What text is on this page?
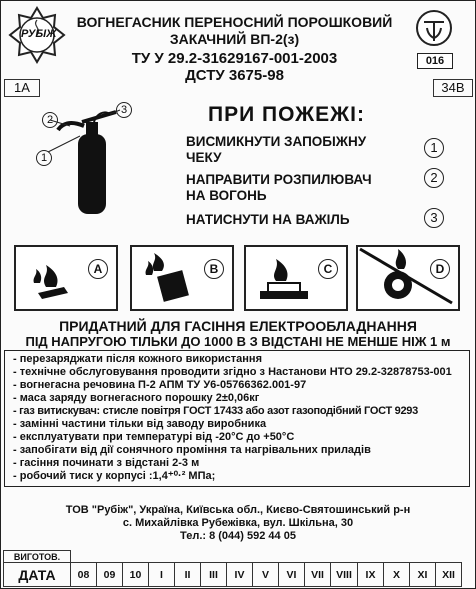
РУБІЖ
ВОГНЕГАСНИК ПЕРЕНОСНИЙ ПОРОШКОВИЙ
ЗАКАЧНИЙ ВП-2(з)
ТУ У 29.2-31629167-001-2003
ДСТУ 3675-98
016
1A	34B
2
3
1
ПРИ ПОЖЕЖІ:
ВИСМИКНУТИ ЗАПОБІЖНУ
ЧЕКУ
1
НАПРАВИТИ РОЗПИЛЮВАЧ
НА ВОГОНЬ
2
НАТИСНУТИ НА ВАЖІЛЬ	3
A	B	C	D
ПРИДАТНИЙ ДЛЯ ГАСІННЯ ЕЛЕКТРООБЛАДНАННЯ
ПІД НАПРУГОЮ ТІЛЬКИ ДО 1000 В З ВІДСТАНІ НЕ МЕНШЕ НІЖ 1 м
- перезаряджати після кожного використання
- технічне обслуговування проводити згідно з Настанови НТО 29.2-32878753-001
- вогнегасна речовина П-2 АПМ ТУ У6-05766362.001-97
- маса заряду вогнегасного порошку 2±0,06кг
- газ витискувач: стисле повітря ГОСТ 17433 або азот газоподібний ГОСТ 9293
- замінні частини тільки від заводу виробника
- експлуатувати при температурі від -20°С до +50°С
- запобігати від дії сонячного проміння та нагрівальних приладів
- гасіння починати з відстані 2-3 м
- робочий тиск у корпусі :1,4⁺⁰·² МПа;
ТОВ "Рубіж", Україна, Київська обл., Києво-Святошинський р-н
с. Михайлівка Рубежівка, вул. Шкільна, 30
Тел.: 8 (044) 592 44 05
ВИГОТОВ.															
ДАТА	08	09	10	I	II	III	IV	V	VI	VII	VIII	IX	X	XI	XII
